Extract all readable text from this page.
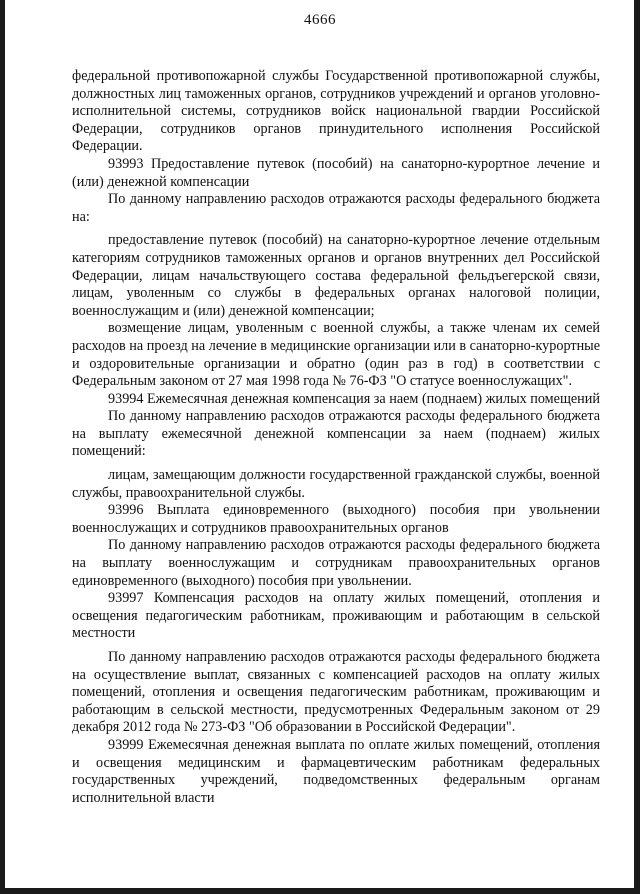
4666

федеральной противопожарной службы Государственной противопожарной службы, должностных лиц таможенных органов, сотрудников учреждений и органов уголовно-исполнительной системы, сотрудников войск национальной гвардии Российской Федерации, сотрудников органов принудительного исполнения Российской Федерации.

93993 Предоставление путевок (пособий) на санаторно-курортное лечение и (или) денежной компенсации

По данному направлению расходов отражаются расходы федерального бюджета на:

предоставление путевок (пособий) на санаторно-курортное лечение отдельным категориям сотрудников таможенных органов и органов внутренних дел Российской Федерации, лицам начальствующего состава федеральной фельдъегерской связи, лицам, уволенным со службы в федеральных органах налоговой полиции, военнослужащим и (или) денежной компенсации;

возмещение лицам, уволенным с военной службы, а также членам их семей расходов на проезд на лечение в медицинские организации или в санаторно-курортные и оздоровительные организации и обратно (один раз в год) в соответствии с Федеральным законом от 27 мая 1998 года № 76-ФЗ "О статусе военнослужащих".

93994 Ежемесячная денежная компенсация за наем (поднаем) жилых помещений

По данному направлению расходов отражаются расходы федерального бюджета на выплату ежемесячной денежной компенсации за наем (поднаем) жилых помещений:

лицам, замещающим должности государственной гражданской службы, военной службы, правоохранительной службы.

93996 Выплата единовременного (выходного) пособия при увольнении военнослужащих и сотрудников правоохранительных органов

По данному направлению расходов отражаются расходы федерального бюджета на выплату военнослужащим и сотрудникам правоохранительных органов единовременного (выходного) пособия при увольнении.

93997 Компенсация расходов на оплату жилых помещений, отопления и освещения педагогическим работникам, проживающим и работающим в сельской местности

По данному направлению расходов отражаются расходы федерального бюджета на осуществление выплат, связанных с компенсацией расходов на оплату жилых помещений, отопления и освещения педагогическим работникам, проживающим и работающим в сельской местности, предусмотренных Федеральным законом от 29 декабря 2012 года № 273-ФЗ "Об образовании в Российской Федерации".

93999 Ежемесячная денежная выплата по оплате жилых помещений, отопления и освещения медицинским и фармацевтическим работникам федеральных государственных учреждений, подведомственных федеральным органам исполнительной власти
